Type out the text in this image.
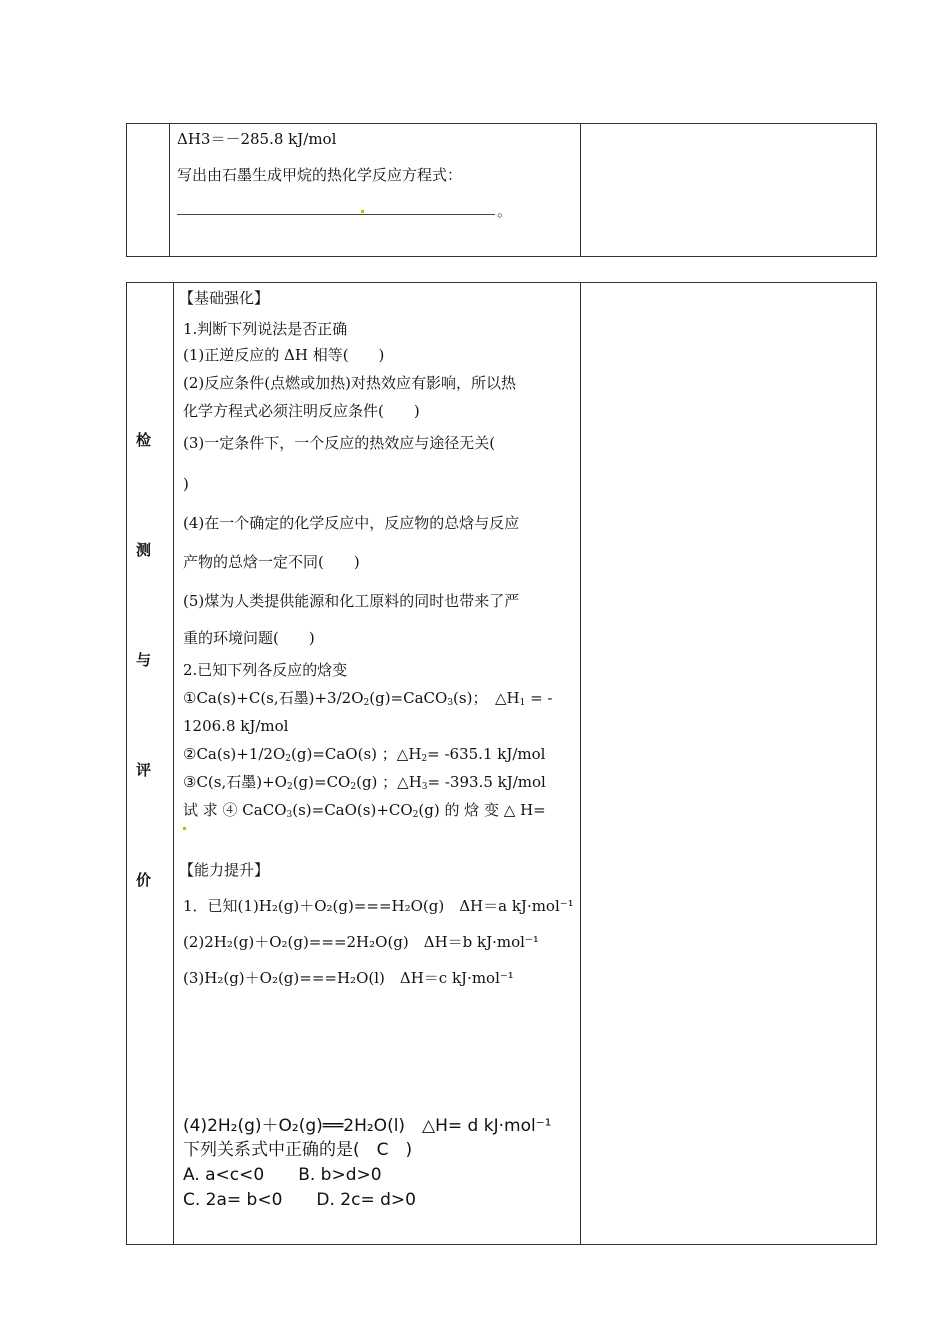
ΔH3＝－285.8 kJ/mol
写出由石墨生成甲烷的热化学反应方程式：
。
检
测
与
评
价
【基础强化】
1.判断下列说法是否正确
(1)正逆反应的 ΔH 相等(　　)
(2)反应条件(点燃或加热)对热效应有影响，所以热
化学方程式必须注明反应条件(　　)
(3)一定条件下，一个反应的热效应与途径无关(
)
(4)在一个确定的化学反应中，反应物的总焓与反应
产物的总焓一定不同(　　)
(5)煤为人类提供能源和化工原料的同时也带来了严
重的环境问题(　　)
2.已知下列各反应的焓变
①Ca(s)+C(s,石墨)$+3/2O_2(g)=CaCO_3(s)$；　$\triangle H_1$ = -
1206.8 kJ/mol
$②Ca(s)+1/2O_2(g)=CaO(s)$ ；$\triangle H_2= -635.1$ kJ/mol
③C(s,石墨)$+O_2(g)=CO_2(g)$ ；$\triangle H_3= -393.5$ kJ/mol
试 求 ④ $CaCO_3(s)=CaO(s)+CO_2(g)$ 的 焓 变 △ H=
【能力提升】
1．已知(1)H₂(g)＋O₂(g)===H₂O(g)　ΔH＝a kJ·mol⁻¹
(2)2H₂(g)＋O₂(g)===2H₂O(g)　ΔH＝b kJ·mol⁻¹
(3)H₂(g)＋O₂(g)===H₂O(l)　ΔH＝c kJ·mol⁻¹
(4)2H₂(g)＋O₂(g)══2H₂O(l)　△H= d kJ·mol⁻¹
下列关系式中正确的是(　C　)
A. a<c<0　　B. b>d>0
C. 2a= b<0　　D. 2c= d>0
